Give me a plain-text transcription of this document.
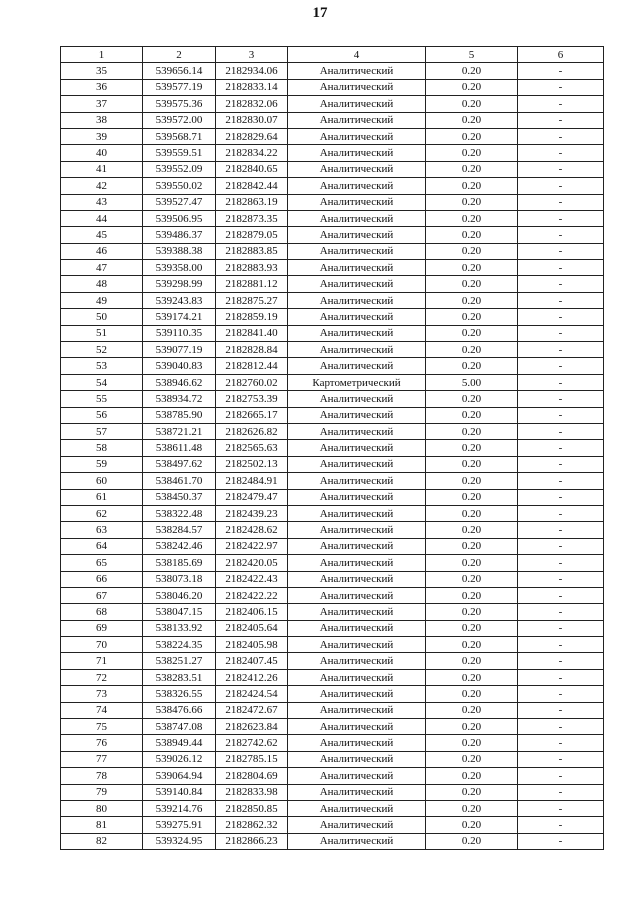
17
1	2	3	4	5	6
35	539656.14	2182934.06	Аналитический	0.20	-
36	539577.19	2182833.14	Аналитический	0.20	-
37	539575.36	2182832.06	Аналитический	0.20	-
38	539572.00	2182830.07	Аналитический	0.20	-
39	539568.71	2182829.64	Аналитический	0.20	-
40	539559.51	2182834.22	Аналитический	0.20	-
41	539552.09	2182840.65	Аналитический	0.20	-
42	539550.02	2182842.44	Аналитический	0.20	-
43	539527.47	2182863.19	Аналитический	0.20	-
44	539506.95	2182873.35	Аналитический	0.20	-
45	539486.37	2182879.05	Аналитический	0.20	-
46	539388.38	2182883.85	Аналитический	0.20	-
47	539358.00	2182883.93	Аналитический	0.20	-
48	539298.99	2182881.12	Аналитический	0.20	-
49	539243.83	2182875.27	Аналитический	0.20	-
50	539174.21	2182859.19	Аналитический	0.20	-
51	539110.35	2182841.40	Аналитический	0.20	-
52	539077.19	2182828.84	Аналитический	0.20	-
53	539040.83	2182812.44	Аналитический	0.20	-
54	538946.62	2182760.02	Картометрический	5.00	-
55	538934.72	2182753.39	Аналитический	0.20	-
56	538785.90	2182665.17	Аналитический	0.20	-
57	538721.21	2182626.82	Аналитический	0.20	-
58	538611.48	2182565.63	Аналитический	0.20	-
59	538497.62	2182502.13	Аналитический	0.20	-
60	538461.70	2182484.91	Аналитический	0.20	-
61	538450.37	2182479.47	Аналитический	0.20	-
62	538322.48	2182439.23	Аналитический	0.20	-
63	538284.57	2182428.62	Аналитический	0.20	-
64	538242.46	2182422.97	Аналитический	0.20	-
65	538185.69	2182420.05	Аналитический	0.20	-
66	538073.18	2182422.43	Аналитический	0.20	-
67	538046.20	2182422.22	Аналитический	0.20	-
68	538047.15	2182406.15	Аналитический	0.20	-
69	538133.92	2182405.64	Аналитический	0.20	-
70	538224.35	2182405.98	Аналитический	0.20	-
71	538251.27	2182407.45	Аналитический	0.20	-
72	538283.51	2182412.26	Аналитический	0.20	-
73	538326.55	2182424.54	Аналитический	0.20	-
74	538476.66	2182472.67	Аналитический	0.20	-
75	538747.08	2182623.84	Аналитический	0.20	-
76	538949.44	2182742.62	Аналитический	0.20	-
77	539026.12	2182785.15	Аналитический	0.20	-
78	539064.94	2182804.69	Аналитический	0.20	-
79	539140.84	2182833.98	Аналитический	0.20	-
80	539214.76	2182850.85	Аналитический	0.20	-
81	539275.91	2182862.32	Аналитический	0.20	-
82	539324.95	2182866.23	Аналитический	0.20	-
